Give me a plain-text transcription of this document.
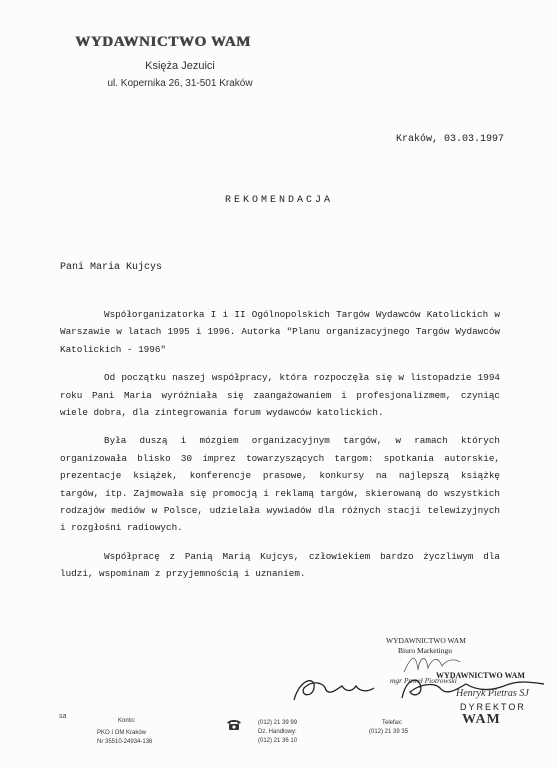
WYDAWNICTWO WAM
Księża Jezuici
ul. Kopernika 26, 31-501 Kraków
Kraków, 03.03.1997
REKOMENDACJA
Pani Maria Kujcys

Współorganizatorka I i II Ogólnopolskich Targów Wydawców Katolickich w Warszawie w latach 1995 i 1996. Autorka "Planu organizacyjnego Targów Wydawców Katolickich - 1996"

Od początku naszej współpracy, która rozpoczęła się w listopadzie 1994 roku Pani Maria wyróżniała się zaangażowaniem i profesjonalizmem, czyniąc wiele dobra, dla zintegrowania forum wydawców katolickich.

Była duszą i mózgiem organizacyjnym targów, w ramach których organizowała blisko 30 imprez towarzyszących targom: spotkania autorskie, prezentacje książek, konferencje prasowe, konkursy na najlepszą książkę targów, itp. Zajmowała się promocją i reklamą targów, skierowaną do wszystkich rodzajów mediów w Polsce, udzielała wywiadów dla różnych stacji telewizyjnych i rozgłośni radiowych.

Współpracę z Panią Marią Kujcys, człowiekiem bardzo życzliwym dla ludzi, wspominam z przyjemnością i uznaniem.

WYDAWNICTWO WAM
Biuro Marketingu
mgr Paweł Piotrowski
WYDAWNICTWO WAM
Henryk Pietras SJ
DYREKTOR
sa
Konto:
PKO I OM Kraków
Nr 35510-24934-136
(012) 21 39 99
Dz. Handlowy:
(012) 21 36 10
Telefax:
(012) 21 39 35
WAM
